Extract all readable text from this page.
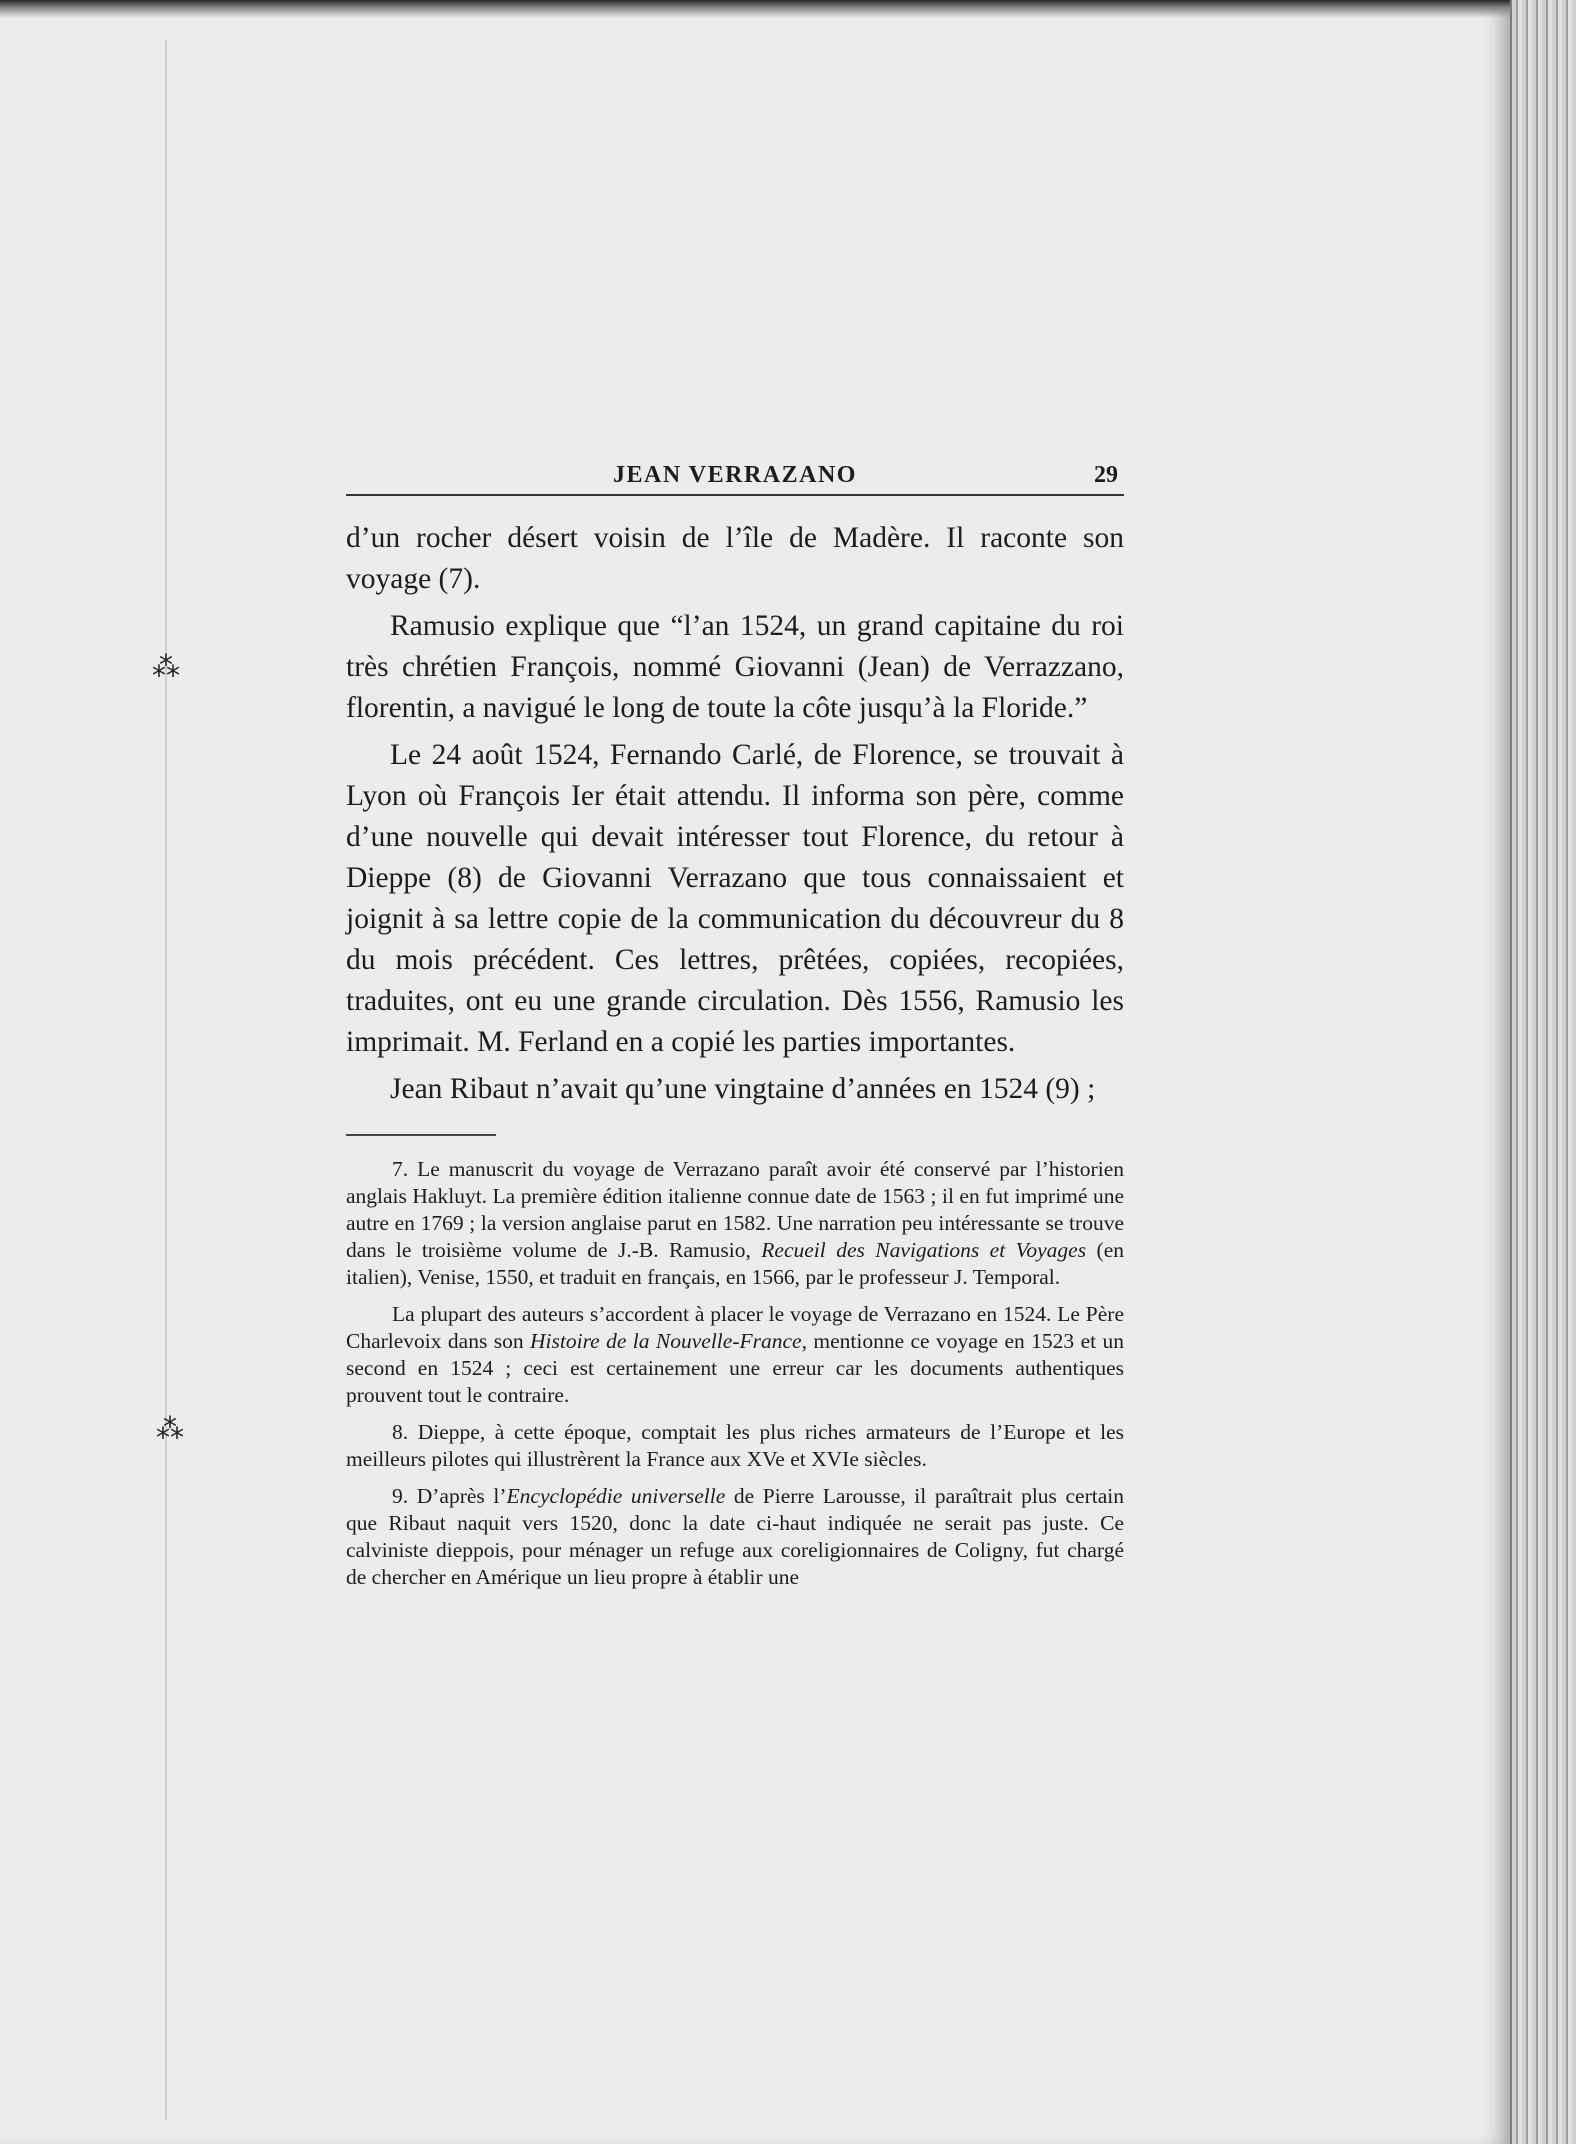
⁂
⁂
JEAN VERRAZANO	29

d’un rocher désert voisin de l’île de Madère. Il raconte son voyage (7).

Ramusio explique que “l’an 1524, un grand capitaine du roi très chrétien François, nommé Giovanni (Jean) de Verrazzano, florentin, a navigué le long de toute la côte jusqu’à la Floride.”

Le 24 août 1524, Fernando Carlé, de Florence, se trouvait à Lyon où François Ier était attendu. Il informa son père, comme d’une nouvelle qui devait intéresser tout Florence, du retour à Dieppe (8) de Giovanni Verrazano que tous connaissaient et joignit à sa lettre copie de la communication du découvreur du 8 du mois précédent. Ces lettres, prêtées, copiées, recopiées, traduites, ont eu une grande circulation. Dès 1556, Ramusio les imprimait. M. Ferland en a copié les parties importantes.

Jean Ribaut n’avait qu’une vingtaine d’années en 1524 (9) ;

7. Le manuscrit du voyage de Verrazano paraît avoir été conservé par l’historien anglais Hakluyt. La première édition italienne connue date de 1563 ; il en fut imprimé une autre en 1769 ; la version anglaise parut en 1582. Une narration peu intéressante se trouve dans le troisième volume de J.-B. Ramusio, Recueil des Navigations et Voyages (en italien), Venise, 1550, et traduit en français, en 1566, par le professeur J. Temporal.

La plupart des auteurs s’accordent à placer le voyage de Verrazano en 1524. Le Père Charlevoix dans son Histoire de la Nouvelle-France, mentionne ce voyage en 1523 et un second en 1524 ; ceci est certainement une erreur car les documents authentiques prouvent tout le contraire.

8. Dieppe, à cette époque, comptait les plus riches armateurs de l’Europe et les meilleurs pilotes qui illustrèrent la France aux XVe et XVIe siècles.

9. D’après l’Encyclopédie universelle de Pierre Larousse, il paraîtrait plus certain que Ribaut naquit vers 1520, donc la date ci-haut indiquée ne serait pas juste. Ce calviniste dieppois, pour ménager un refuge aux coreligionnaires de Coligny, fut chargé de chercher en Amérique un lieu propre à établir une
